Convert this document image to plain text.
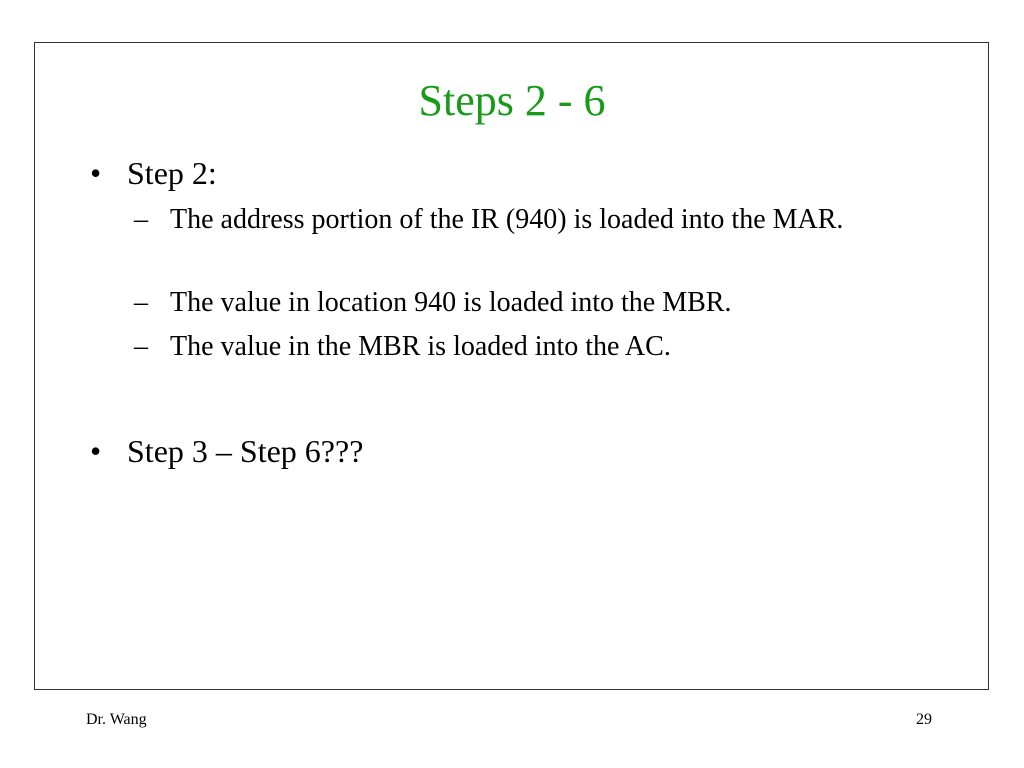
Steps 2 - 6
• Step 2:
– The address portion of the IR (940) is loaded into the MAR.
– The value in location 940 is loaded into the MBR.
– The value in the MBR is loaded into the AC.
• Step 3 – Step 6???
Dr. Wang	29
